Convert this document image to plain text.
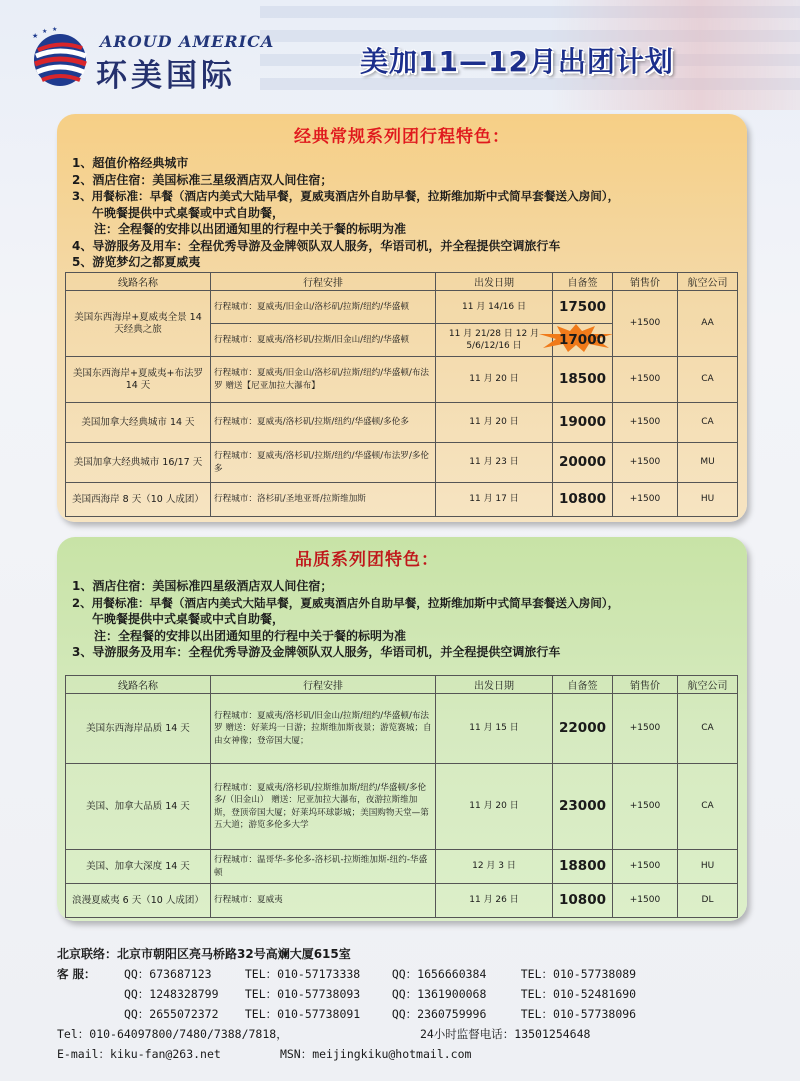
★
★ ★
AROUD AMERICA
环美国际	美加11—12月出团计划
经典常规系列团行程特色：
1、超值价格经典城市
2、酒店住宿：美国标准三星级酒店双人间住宿；
3、用餐标准：早餐（酒店内美式大陆早餐，夏威夷酒店外自助早餐，拉斯维加斯中式简早套餐送入房间），
午晚餐提供中式桌餐或中式自助餐，
注：全程餐的安排以出团通知里的行程中关于餐的标明为准
4、导游服务及用车：全程优秀导游及金牌领队双人服务，华语司机，并全程提供空调旅行车
5、游览梦幻之都夏威夷
线路名称	行程安排	出发日期	自备签	销售价	航空公司
美国东西海岸+夏威夷全景 14 天经典之旅	行程城市：夏威夷/旧金山/洛杉矶/拉斯/纽约/华盛顿	11 月 14/16 日	17500	+1500	AA
	行程城市：夏威夷/洛杉矶/拉斯/旧金山/纽约/华盛顿	11 月 21/28 日 12 月 5/6/12/16 日	17000		
美国东西海岸+夏威夷+布法罗 14 天	行程城市：夏威夷/旧金山/洛杉矶/拉斯/纽约/华盛顿/布法罗 赠送【尼亚加拉大瀑布】	11 月 20 日	18500	+1500	CA
美国加拿大经典城市 14 天	行程城市：夏威夷/洛杉矶/拉斯/纽约/华盛顿/多伦多	11 月 20 日	19000	+1500	CA
美国加拿大经典城市 16/17 天	行程城市：夏威夷/洛杉矶/拉斯/纽约/华盛顿/布法罗/多伦多	11 月 23 日	20000	+1500	MU
美国西海岸 8 天（10 人成团）	行程城市：洛杉矶/圣地亚哥/拉斯维加斯	11 月 17 日	10800	+1500	HU
品质系列团特色：
1、酒店住宿：美国标准四星级酒店双人间住宿；
2、用餐标准：早餐（酒店内美式大陆早餐，夏威夷酒店外自助早餐，拉斯维加斯中式简早套餐送入房间），
午晚餐提供中式桌餐或中式自助餐，
注：全程餐的安排以出团通知里的行程中关于餐的标明为准
3、导游服务及用车：全程优秀导游及金牌领队双人服务，华语司机，并全程提供空调旅行车
线路名称	行程安排	出发日期	自备签	销售价	航空公司
美国东西海岸品质 14 天	行程城市：夏威夷/洛杉矶/旧金山/拉斯/纽约/华盛顿/布法罗 赠送：好莱坞一日游；拉斯维加斯夜景；游览赛城；自由女神像；登帝国大厦；	11 月 15 日	22000	+1500	CA
美国、加拿大品质 14 天	行程城市：夏威夷/洛杉矶/拉斯维加斯/纽约/华盛顿/多伦多/（旧金山） 赠送：尼亚加拉大瀑布，夜游拉斯维加斯，登顶帝国大厦；好莱坞环球影城；美国购物天堂—第五大道；游览多伦多大学	11 月 20 日	23000	+1500	CA
美国、加拿大深度 14 天	行程城市：温哥华-多伦多-洛杉矶-拉斯维加斯-纽约-华盛顿	12 月 3 日	18800	+1500	HU
浪漫夏威夷 6 天（10 人成团）	行程城市：夏威夷	11 月 26 日	10800	+1500	DL
北京联络：北京市朝阳区亮马桥路32号高斓大厦615室
客 服： QQ：673687123	TEL：010-57173338	QQ：1656660384	TEL：010-57738089
QQ：1248328799 TEL：010-57738093	QQ：1361900068	TEL：010-52481690
QQ：2655072372 TEL：010-57738091	QQ：2360759996	TEL：010-57738096
Tel：010-64097800/7480/7388/7818，	24小时监督电话：13501254648
E-mail：kiku-fan@263.net	MSN：meijingkiku@hotmail.com
